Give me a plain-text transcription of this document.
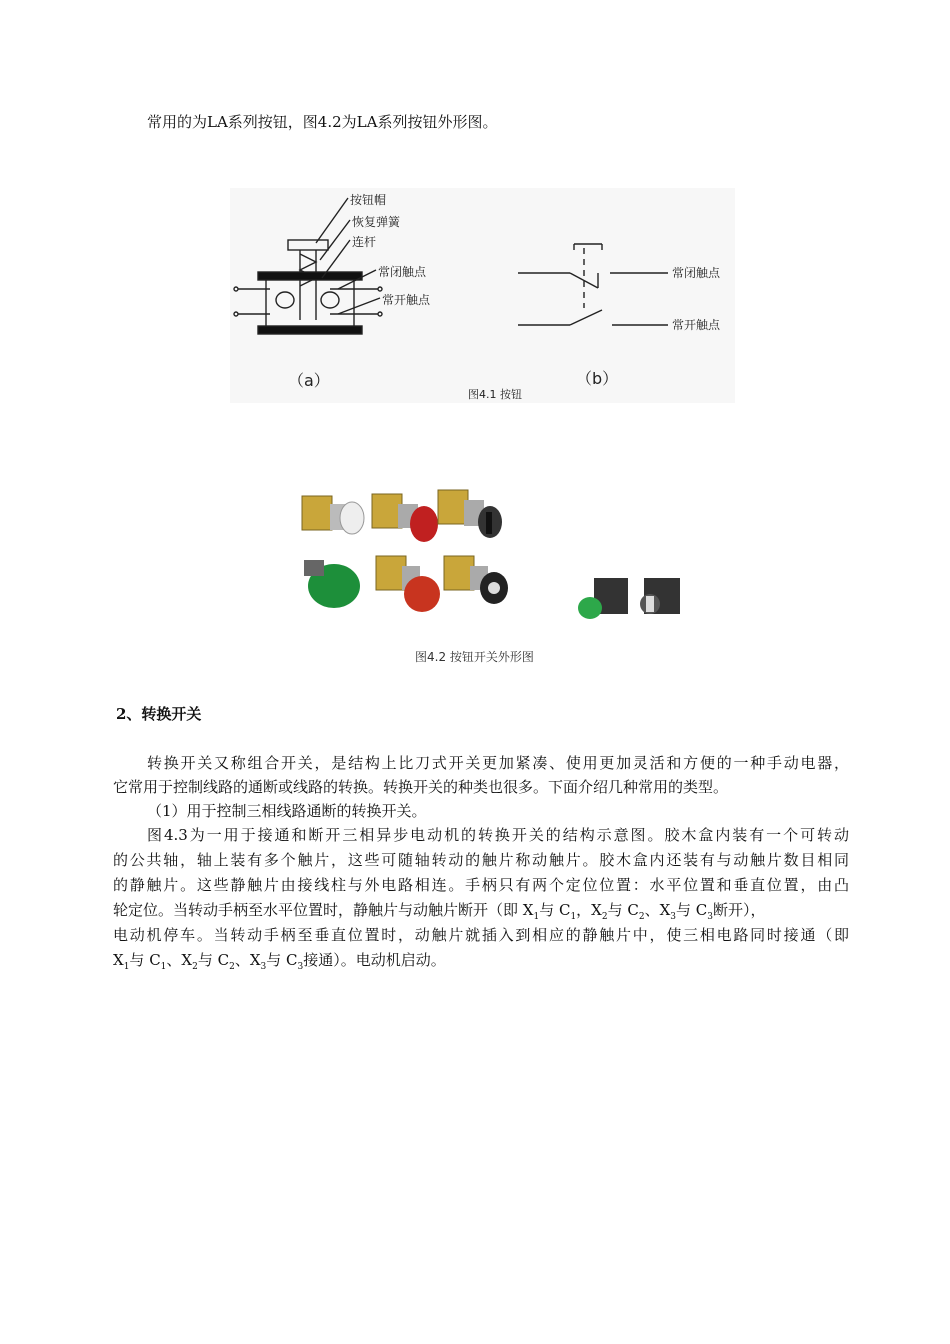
常用的为LA系列按钮，图4.2为LA系列按钮外形图。
按钮帽
恢复弹簧
连杆
常闭触点
常开触点
常闭触点
常开触点
（a）	（b）
图4.1 按钮
图4.2 按钮开关外形图
2、转换开关
转换开关又称组合开关，是结构上比刀式开关更加紧凑、使用更加灵活和方便的一种手动电器，
它常用于控制线路的通断或线路的转换。转换开关的种类也很多。下面介绍几种常用的类型。
（1）用于控制三相线路通断的转换开关。
图4.3为一用于接通和断开三相异步电动机的转换开关的结构示意图。胶木盒内装有一个可转动
的公共轴，轴上装有多个触片，这些可随轴转动的触片称动触片。胶木盒内还装有与动触片数目相同
的静触片。这些静触片由接线柱与外电路相连。手柄只有两个定位位置：水平位置和垂直位置，由凸
轮定位。当转动手柄至水平位置时，静触片与动触片断开（即 $X_1$与 $C_1$，$X_2$与 $C_2$、$X_3$与 $C_3$断开），
电动机停车。当转动手柄至垂直位置时，动触片就插入到相应的静触片中，使三相电路同时接通（即
$X_1$与 $C_1$、$X_2$与 $C_2$、$X_3$与 $C_3$接通）。电动机启动。
